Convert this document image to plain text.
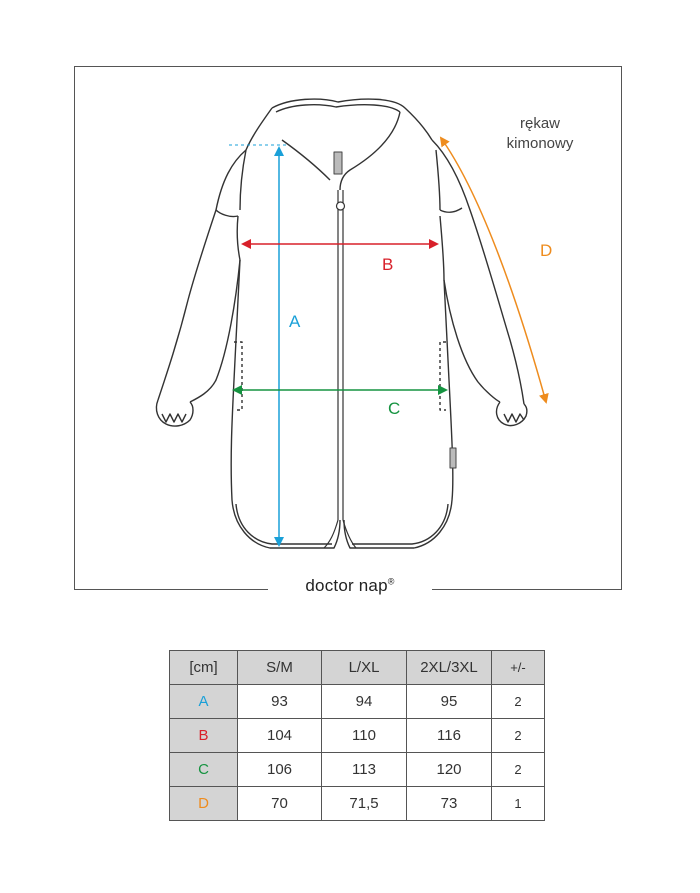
doctor nap®
A
B
C
D
rękaw
kimonowy
[cm]	S/M	L/XL	2XL/3XL	+/-
A	93	94	95	2
B	104	110	116	2
C	106	113	120	2
D	70	71,5	73	1
